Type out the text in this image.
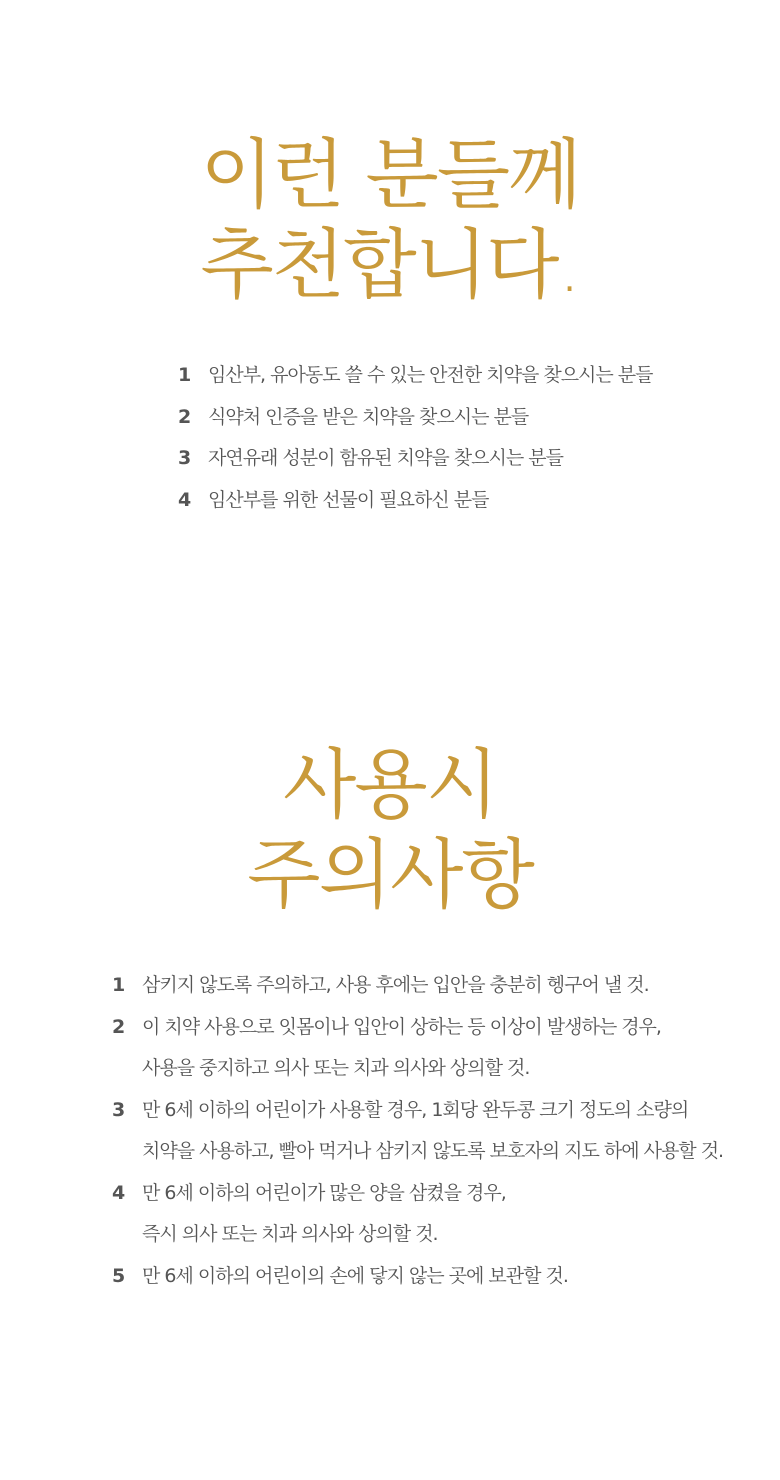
이런 분들께
추천합니다.
1 임산부, 유아동도 쓸 수 있는 안전한 치약을 찾으시는 분들
2 식약처 인증을 받은 치약을 찾으시는 분들
3 자연유래 성분이 함유된 치약을 찾으시는 분들
4 임산부를 위한 선물이 필요하신 분들
사용시
주의사항
1 삼키지 않도록 주의하고, 사용 후에는 입안을 충분히 헹구어 낼 것.
2 이 치약 사용으로 잇몸이나 입안이 상하는 등 이상이 발생하는 경우,
사용을 중지하고 의사 또는 치과 의사와 상의할 것.
3 만 6세 이하의 어린이가 사용할 경우, 1회당 완두콩 크기 정도의 소량의
치약을 사용하고, 빨아 먹거나 삼키지 않도록 보호자의 지도 하에 사용할 것.
4 만 6세 이하의 어린이가 많은 양을 삼켰을 경우,
즉시 의사 또는 치과 의사와 상의할 것.
5 만 6세 이하의 어린이의 손에 닿지 않는 곳에 보관할 것.
